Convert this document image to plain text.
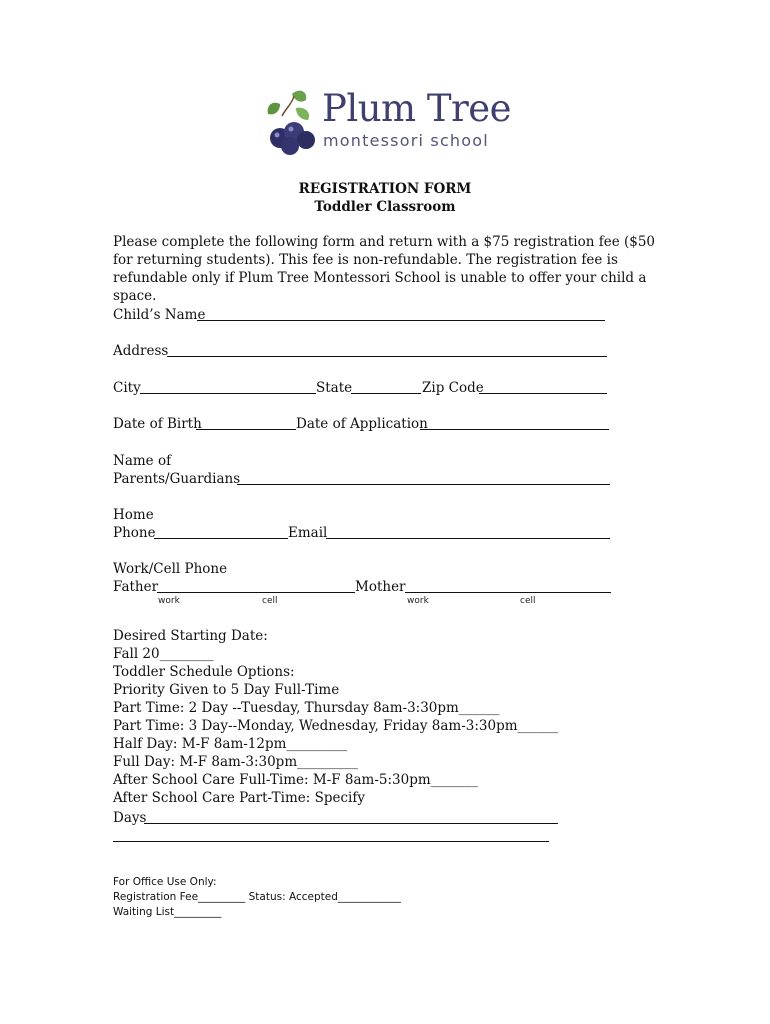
Plum Tree
montessori school
REGISTRATION FORM
Toddler Classroom
Please complete the following form and return with a $75 registration fee ($50 for returning students). This fee is non-refundable. The registration fee is refundable only if Plum Tree Montessori School is unable to offer your child a space.
Child’s Name
Address
City	State	Zip Code
Date of Birth	Date of Application
Name of
Parents/Guardians
Home
Phone	Email
Work/Cell Phone
Father	Mother
work	cell	work	cell
Desired Starting Date:
Fall 20________
Toddler Schedule Options:
Priority Given to 5 Day Full-Time
Part Time: 2 Day --Tuesday, Thursday 8am-3:30pm______
Part Time: 3 Day--Monday, Wednesday, Friday 8am-3:30pm______
Half Day: M-F 8am-12pm_________
Full Day: M-F 8am-3:30pm_________
After School Care Full-Time: M-F 8am-5:30pm_______
After School Care Part-Time: Specify
Days
For Office Use Only:
Registration Fee_________ Status: Accepted____________
Waiting List_________
